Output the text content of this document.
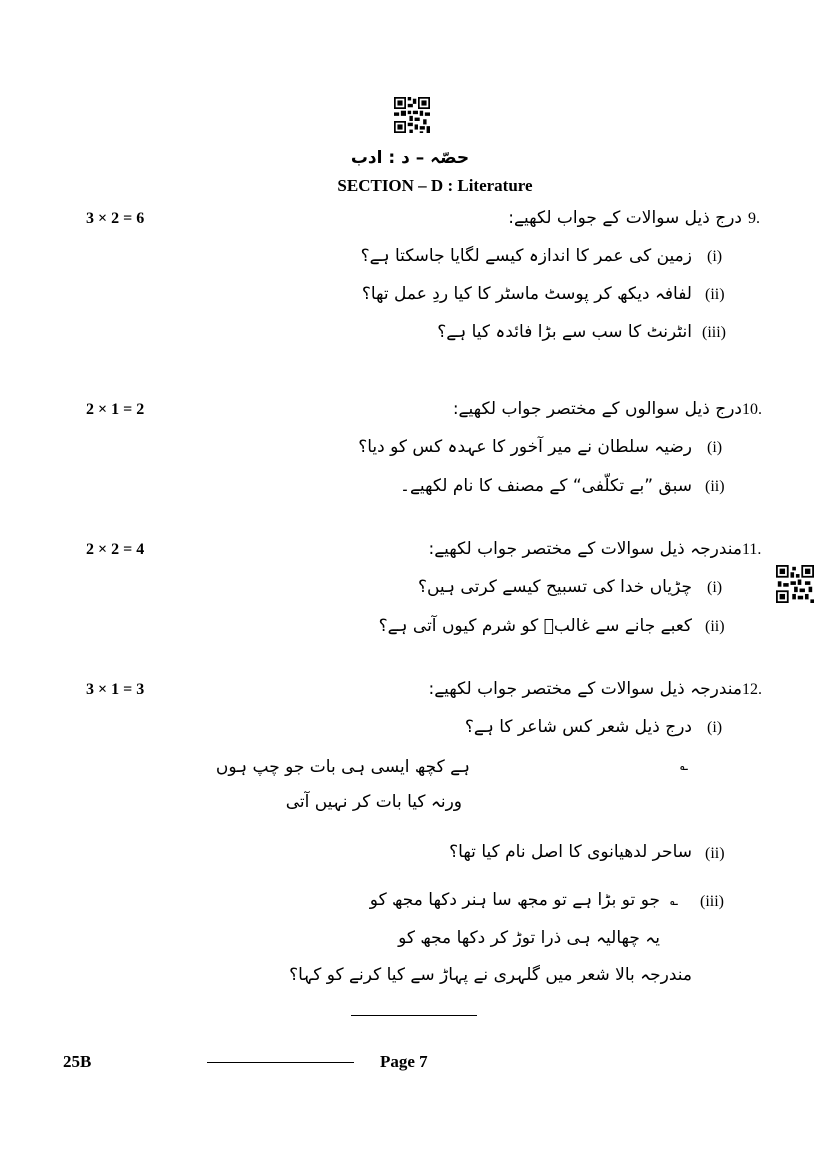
حصّہ – د : ادب
SECTION – D : Literature
9.
درج ذیل سوالات کے جواب لکھیے:
3 × 2 = 6
(i)
زمین کی عمر کا اندازہ کیسے لگایا جاسکتا ہے؟
(ii)
لفافہ دیکھ کر پوسٹ ماسٹر کا کیا ردِ عمل تھا؟
(iii)
انٹرنٹ کا سب سے بڑا فائدہ کیا ہے؟
10.
درج ذیل سوالوں کے مختصر جواب لکھیے:
2 × 1 = 2
(i)
رضیہ سلطان نے میر آخور کا عہدہ کس کو دیا؟
(ii)
سبق ”بے تکلّفی“ کے مصنف کا نام لکھیے۔
11.
مندرجہ ذیل سوالات کے مختصر جواب لکھیے:
2 × 2 = 4
(i)
چڑیاں خدا کی تسبیح کیسے کرتی ہیں؟
(ii)
کعبے جانے سے غالبؔ کو شرم کیوں آتی ہے؟
12.
مندرجہ ذیل سوالات کے مختصر جواب لکھیے:
3 × 1 = 3
(i)
درج ذیل شعر کس شاعر کا ہے؟
؎
ہے کچھ ایسی ہی بات جو چپ ہوں
ورنہ کیا بات کر نہیں آتی
(ii)
ساحر لدھیانوی کا اصل نام کیا تھا؟
(iii)
؎
جو تو بڑا ہے تو مجھ سا ہنر دکھا مجھ کو
یہ چھالیہ ہی ذرا توڑ کر دکھا مجھ کو
مندرجہ بالا شعر میں گلہری نے پہاڑ سے کیا کرنے کو کہا؟
25B	Page 7
